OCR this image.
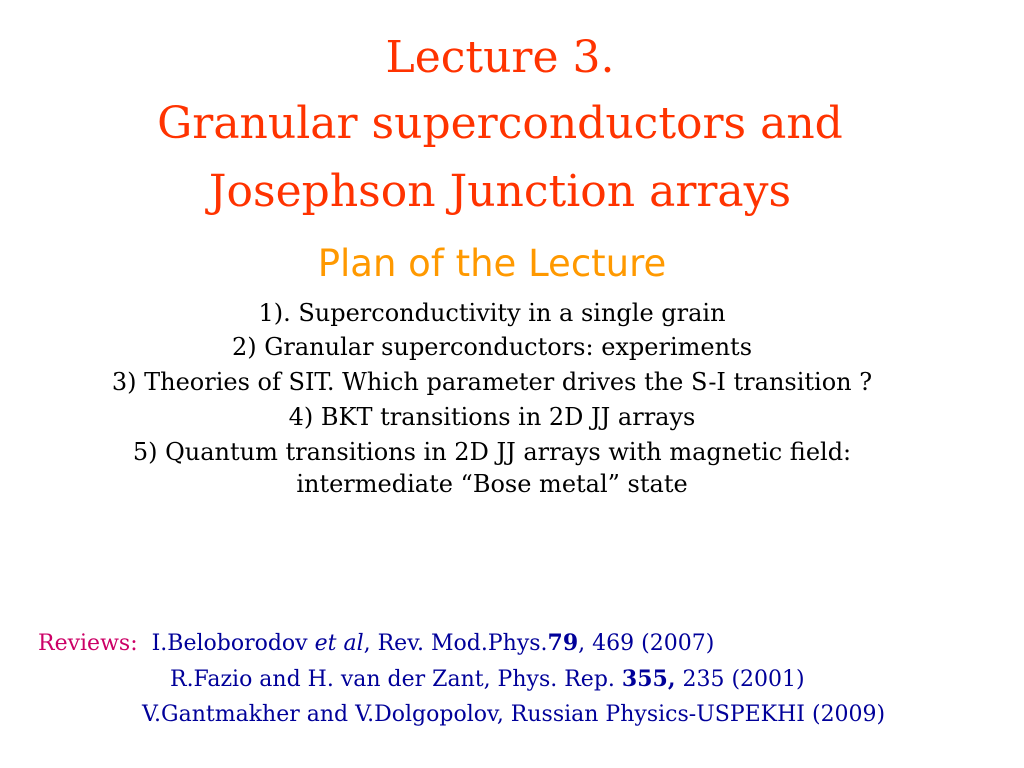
Lecture 3.
Granular superconductors and
Josephson Junction arrays
Plan of the Lecture
1). Superconductivity in a single grain
2) Granular superconductors: experiments
3) Theories of SIT. Which parameter drives the S-I transition ?
4) BKT transitions in 2D JJ arrays
5) Quantum transitions in 2D JJ arrays with magnetic field: intermediate “Bose metal” state
Reviews: I.Beloborodov et al, Rev. Mod.Phys.79, 469 (2007)
R.Fazio and H. van der Zant, Phys. Rep. 355, 235 (2001)
V.Gantmakher and V.Dolgopolov, Russian Physics-USPEKHI (2009)
